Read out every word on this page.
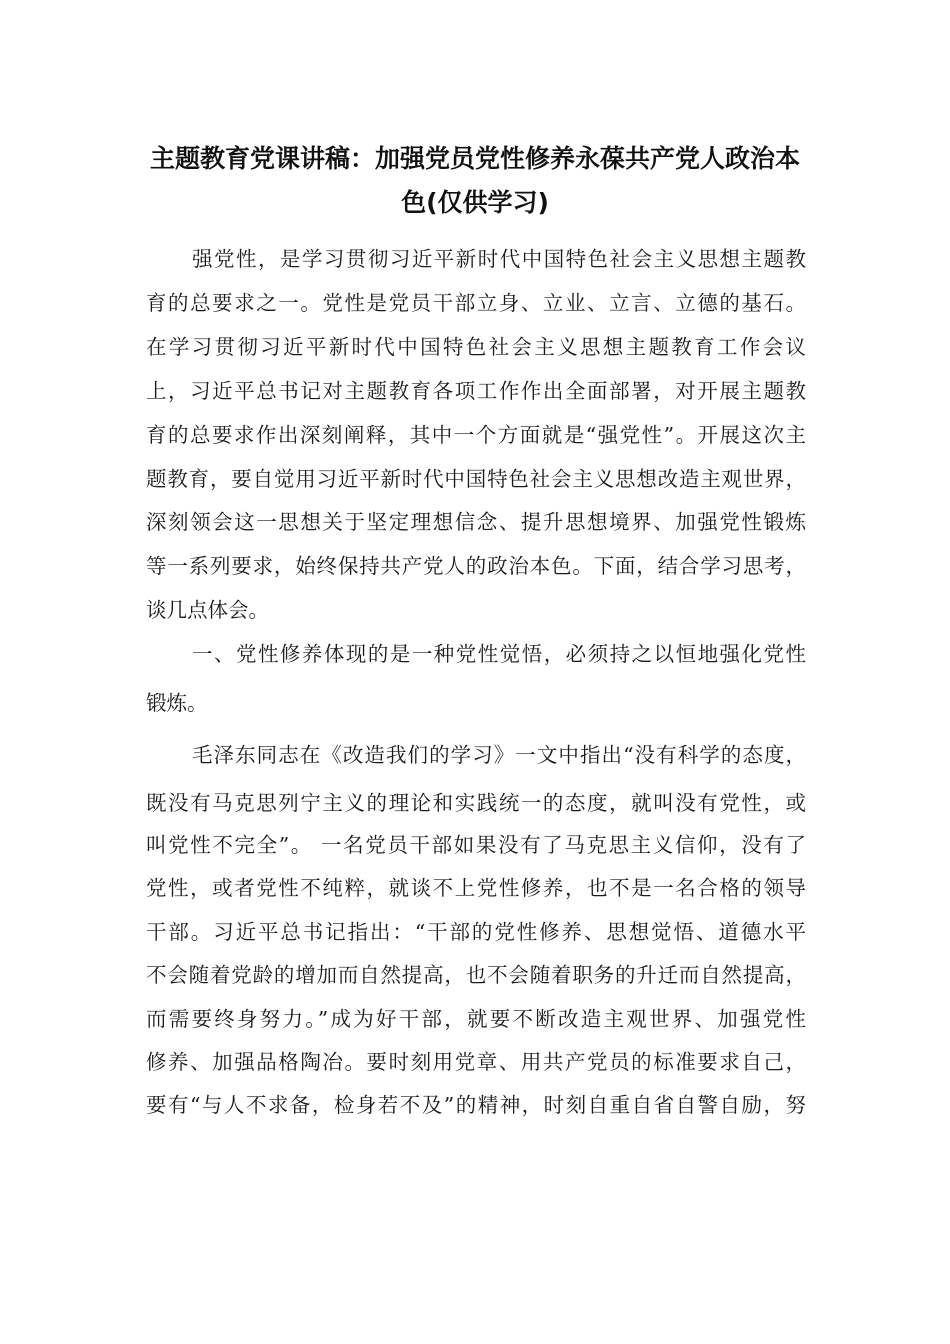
主题教育党课讲稿：加强党员党性修养永葆共产党人政治本
色(仅供学习)
强党性，是学习贯彻习近平新时代中国特色社会主义思想主题教
育的总要求之一。党性是党员干部立身、立业、立言、立德的基石。
在学习贯彻习近平新时代中国特色社会主义思想主题教育工作会议
上，习近平总书记对主题教育各项工作作出全面部署，对开展主题教
育的总要求作出深刻阐释，其中一个方面就是“强党性”。开展这次主
题教育，要自觉用习近平新时代中国特色社会主义思想改造主观世界，
深刻领会这一思想关于坚定理想信念、提升思想境界、加强党性锻炼
等一系列要求，始终保持共产党人的政治本色。下面，结合学习思考，
谈几点体会。
一、党性修养体现的是一种党性觉悟，必须持之以恒地强化党性
锻炼。
毛泽东同志在《改造我们的学习》一文中指出“没有科学的态度，
既没有马克思列宁主义的理论和实践统一的态度，就叫没有党性，或
叫党性不完全”。 一名党员干部如果没有了马克思主义信仰，没有了
党性，或者党性不纯粹，就谈不上党性修养，也不是一名合格的领导
干部。习近平总书记指出：“干部的党性修养、思想觉悟、道德水平
不会随着党龄的增加而自然提高，也不会随着职务的升迁而自然提高，
而需要终身努力。”成为好干部，就要不断改造主观世界、加强党性
修养、加强品格陶冶。要时刻用党章、用共产党员的标准要求自己，
要有“与人不求备，检身若不及”的精神，时刻自重自省自警自励，努
